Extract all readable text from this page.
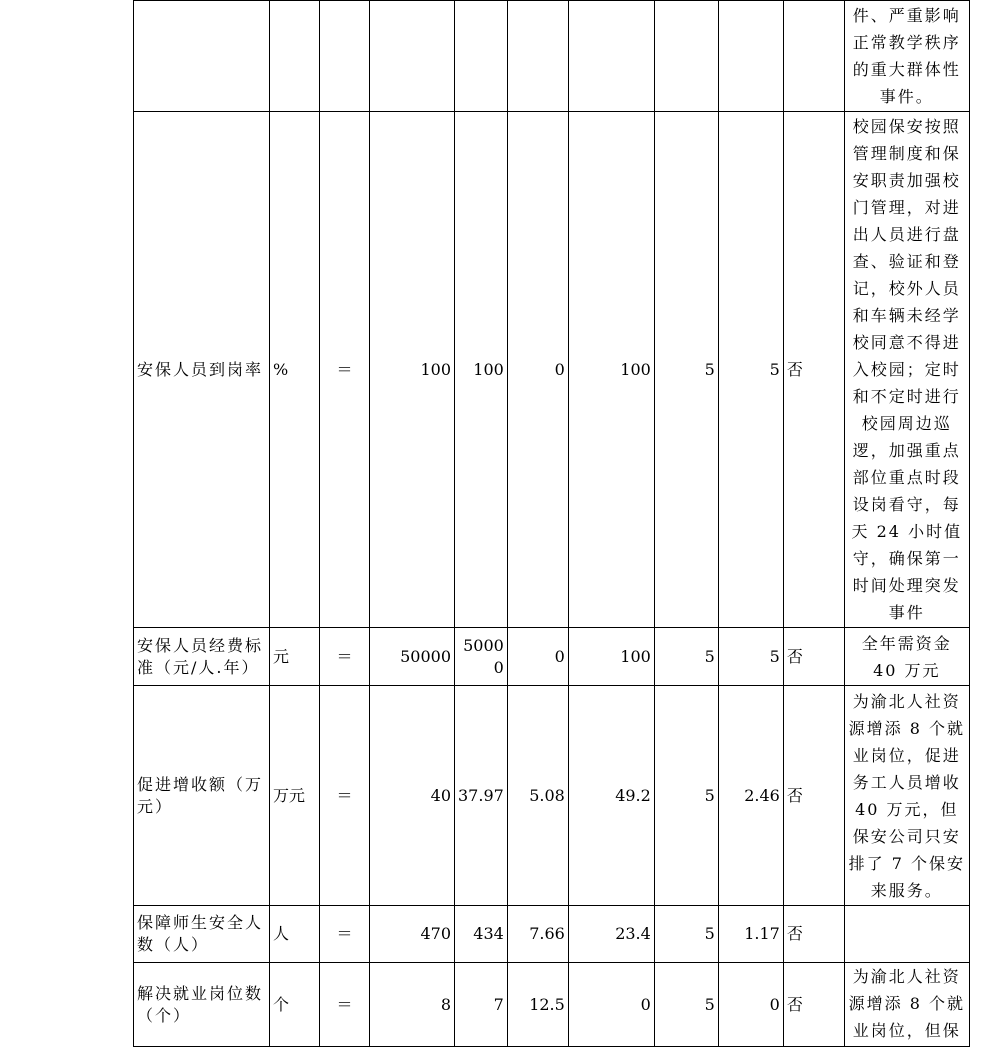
										件、严重影响正常教学秩序的重大群体性事件。
安保人员到岗率	%	＝	100	100	0	100	5	5	否	校园保安按照管理制度和保安职责加强校门管理，对进出人员进行盘查、验证和登记，校外人员和车辆未经学校同意不得进入校园；定时和不定时进行校园周边巡逻，加强重点部位重点时段设岗看守，每天 24 小时值守，确保第一时间处理突发事件
安保人员经费标准（元/人.年）	元	＝	50000	50000	0	100	5	5	否	全年需资金 40 万元
促进增收额（万元）	万元	＝	40	37.97	5.08	49.2	5	2.46	否	为渝北人社资源增添 8 个就业岗位，促进务工人员增收40 万元，但保安公司只安排了 7 个保安来服务。
保障师生安全人数（人）	人	＝	470	434	7.66	23.4	5	1.17	否	
解决就业岗位数（个）	个	＝	8	7	12.5	0	5	0	否	为渝北人社资源增添 8 个就业岗位，但保
